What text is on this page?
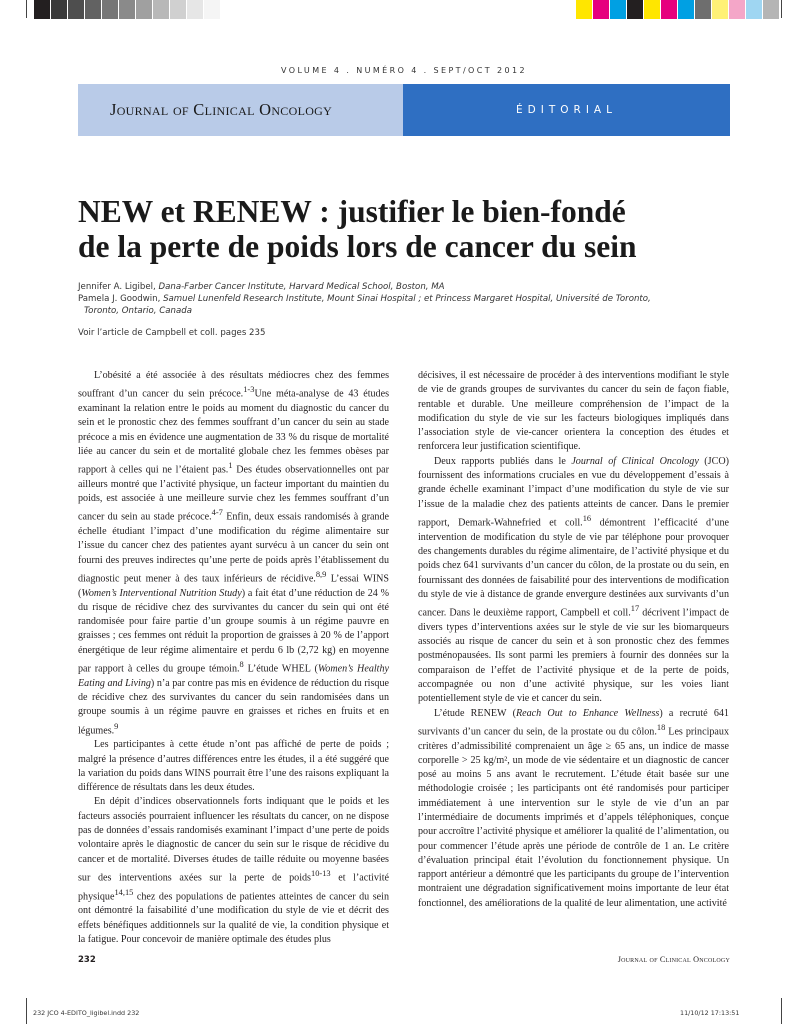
VOLUME 4 . NUMÉRO 4 . SEPT/OCT 2012
Journal of Clinical Oncology	ÉDITORIAL
NEW et RENEW : justifier le bien-fondé
de la perte de poids lors de cancer du sein
Jennifer A. Ligibel, Dana-Farber Cancer Institute, Harvard Medical School, Boston, MA
Pamela J. Goodwin, Samuel Lunenfeld Research Institute, Mount Sinai Hospital ; et Princess Margaret Hospital, Université de Toronto,
Toronto, Ontario, Canada
Voir l’article de Campbell et coll. pages 235

L’obésité a été associée à des résultats médiocres chez des femmes souffrant d’un cancer du sein précoce.$^{1-3}$Une méta-analyse de 43 études examinant la relation entre le poids au moment du diagnostic du cancer du sein et le pronostic chez des femmes souffrant d’un cancer du sein au stade précoce a mis en évidence une augmentation de 33 % du risque de mortalité liée au cancer du sein et de mortalité globale chez les femmes obèses par rapport à celles qui ne l’étaient pas.$^1$ Des études observationnelles ont par ailleurs montré que l’activité physique, un facteur important du maintien du poids, est associée à une meilleure survie chez les femmes souffrant d’un cancer du sein au stade précoce.$^{4-7}$ Enfin, deux essais randomisés à grande échelle étudiant l’impact d’une modification du régime alimentaire sur l’issue du cancer chez des patientes ayant survécu à un cancer du sein ont fourni des preuves indirectes qu’une perte de poids après l’établissement du diagnostic peut mener à des taux inférieurs de récidive.$^{8,9}$ L’essai WINS (Women’s Interventional Nutrition Study) a fait état d’une réduction de 24 % du risque de récidive chez des survivantes du cancer du sein qui ont été randomisée pour faire partie d’un groupe soumis à un régime pauvre en graisses ; ces femmes ont réduit la proportion de graisses à 20 % de l’apport énergétique de leur régime alimentaire et perdu 6 lb (2,72 kg) en moyenne par rapport à celles du groupe témoin.$^8$ L’étude WHEL (Women’s Healthy Eating and Living) n’a par contre pas mis en évidence de réduction du risque de récidive chez des survivantes du cancer du sein randomisées dans un groupe soumis à un régime pauvre en graisses et riches en fruits et en légumes.$^9$

Les participantes à cette étude n’ont pas affiché de perte de poids ; malgré la présence d’autres différences entre les études, il a été suggéré que la variation du poids dans WINS pourrait être l’une des raisons expliquant la différence de résultats dans les deux études.

En dépit d’indices observationnels forts indiquant que le poids et les facteurs associés pourraient influencer les résultats du cancer, on ne dispose pas de données d’essais randomisés examinant l’impact d’une perte de poids volontaire après le diagnostic de cancer du sein sur le risque de récidive du cancer et de mortalité. Diverses études de taille réduite ou moyenne basées sur des interventions axées sur la perte de poids$^{10-13}$ et l’activité physique$^{14,15}$ chez des populations de patientes atteintes de cancer du sein ont démontré la faisabilité d’une modification du style de vie et décrit des effets bénéfiques additionnels sur la qualité de vie, la condition physique et la fatigue. Pour concevoir de manière optimale des études plus

décisives, il est nécessaire de procéder à des interventions modifiant le style de vie de grands groupes de survivantes du cancer du sein de façon fiable, rentable et durable. Une meilleure compréhension de l’impact de la modification du style de vie sur les facteurs biologiques impliqués dans l’association style de vie-cancer orientera la conception des études et renforcera leur justification scientifique.

Deux rapports publiés dans le Journal of Clinical Oncology (JCO) fournissent des informations cruciales en vue du développement d’essais à grande échelle examinant l’impact d’une modification du style de vie sur l’issue de la maladie chez des patients atteints de cancer. Dans le premier rapport, Demark-Wahnefried et coll.$^{16}$ démontrent l’efficacité d’une intervention de modification du style de vie par téléphone pour provoquer des changements durables du régime alimentaire, de l’activité physique et du poids chez 641 survivants d’un cancer du côlon, de la prostate ou du sein, en fournissant des données de faisabilité pour des interventions de modification du style de vie à distance de grande envergure destinées aux survivants d’un cancer. Dans le deuxième rapport, Campbell et coll.$^{17}$ décrivent l’impact de divers types d’interventions axées sur le style de vie sur les biomarqueurs associés au risque de cancer du sein et à son pronostic chez des femmes postménopausées. Ils sont parmi les premiers à fournir des données sur la comparaison de l’effet de l’activité physique et de la perte de poids, accompagnée ou non d’une activité physique, sur les voies liant potentiellement style de vie et cancer du sein.

L’étude RENEW (Reach Out to Enhance Wellness) a recruté 641 survivants d’un cancer du sein, de la prostate ou du côlon.$^{18}$ Les principaux critères d’admissibilité comprenaient un âge ≥ 65 ans, un indice de masse corporelle > 25 kg/m², un mode de vie sédentaire et un diagnostic de cancer posé au moins 5 ans avant le recrutement. L’étude était basée sur une méthodologie croisée ; les participants ont été randomisés pour participer immédiatement à une intervention sur le style de vie d’un an par l’intermédiaire de documents imprimés et d’appels téléphoniques, conçue pour accroître l’activité physique et améliorer la qualité de l’alimentation, ou pour commencer l’étude après une période de contrôle de 1 an. Le critère d’évaluation principal était l’évolution du fonctionnement physique. Un rapport antérieur a démontré que les participants du groupe de l’intervention montraient une dégradation significativement moins importante de leur état fonctionnel, des améliorations de la qualité de leur alimentation, une activité

232	Journal of Clinical Oncology
232 JCO 4-EDITO_ligibel.indd 232	11/10/12 17:13:51
